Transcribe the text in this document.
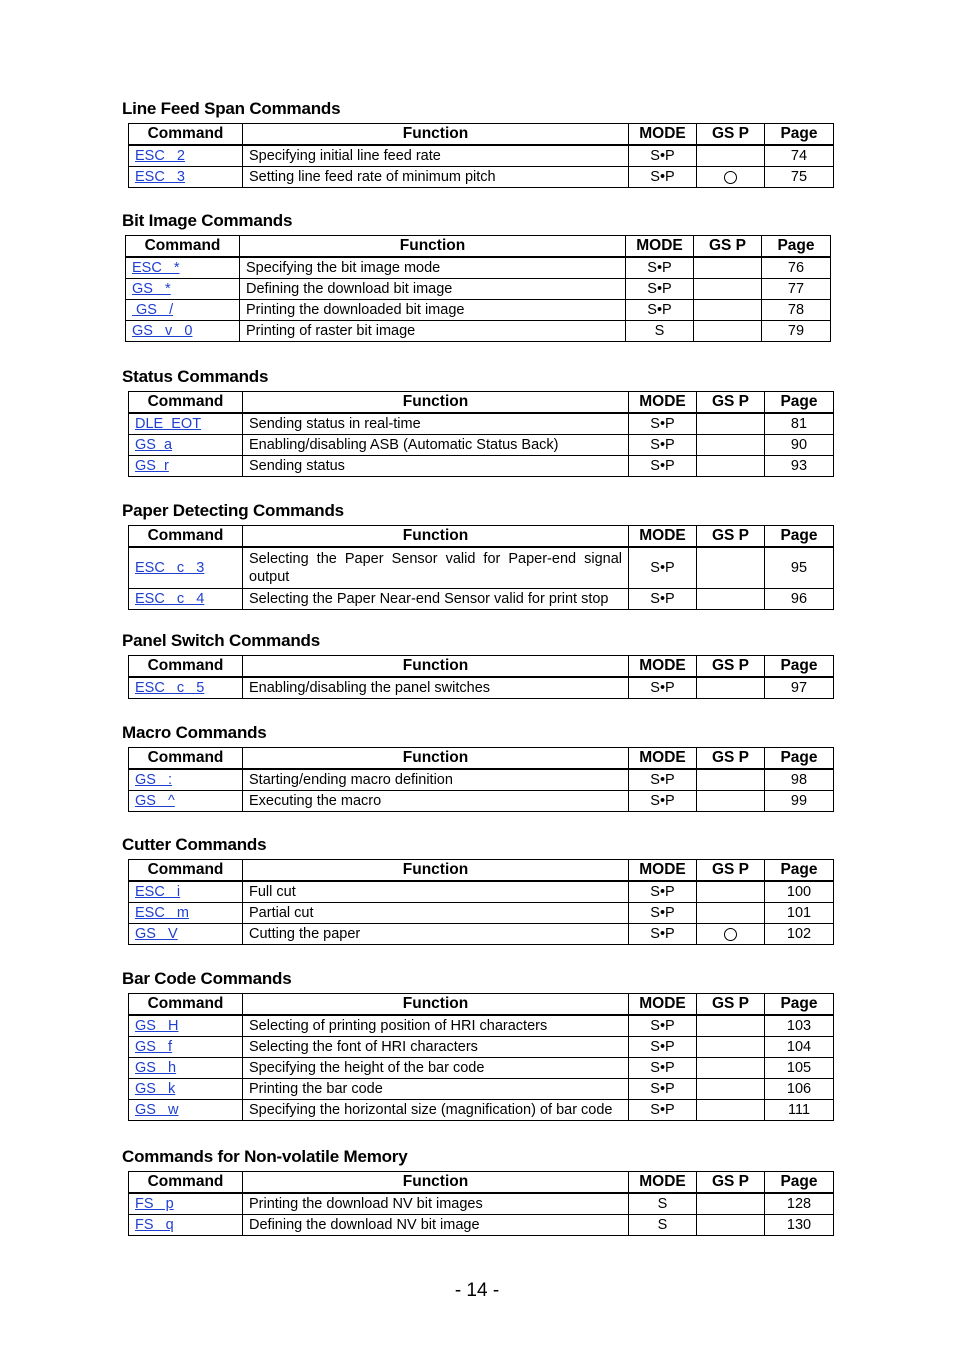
Line Feed Span Commands
Command	Function	MODE	GS P	Page
ESC   2	Specifying initial line feed rate	S•P		74
ESC   3	Setting line feed rate of minimum pitch	S•P		75
Bit Image Commands
Command	Function	MODE	GS P	Page
ESC   *	Specifying the bit image mode	S•P		76
GS   *	Defining the download bit image	S•P		77
GS   /	Printing the downloaded bit image	S•P		78
GS   v   0	Printing of raster bit image	S		79
Status Commands
Command	Function	MODE	GS P	Page
DLE  EOT	Sending status in real-time	S•P		81
GS  a	Enabling/disabling ASB (Automatic Status Back)	S•P		90
GS  r	Sending status	S•P		93
Paper Detecting Commands
Command	Function	MODE	GS P	Page
ESC   c   3	Selecting the Paper Sensor valid for Paper-end signal output	S•P		95
ESC   c   4	Selecting the Paper Near-end Sensor valid for print stop	S•P		96
Panel Switch Commands
Command	Function	MODE	GS P	Page
ESC   c   5	Enabling/disabling the panel switches	S•P		97
Macro Commands
Command	Function	MODE	GS P	Page
GS   :	Starting/ending macro definition	S•P		98
GS   ^	Executing the macro	S•P		99
Cutter Commands
Command	Function	MODE	GS P	Page
ESC   i	Full cut	S•P		100
ESC   m	Partial cut	S•P		101
GS   V	Cutting the paper	S•P		102
Bar Code Commands
Command	Function	MODE	GS P	Page
GS   H	Selecting of printing position of HRI characters	S•P		103
GS   f	Selecting the font of HRI characters	S•P		104
GS   h	Specifying the height of the bar code	S•P		105
GS   k	Printing the bar code	S•P		106
GS   w	Specifying the horizontal size (magnification) of bar code	S•P		111
Commands for Non-volatile Memory
Command	Function	MODE	GS P	Page
FS   p	Printing the download NV bit images	S		128
FS   q	Defining the download NV bit image	S		130
- 14 -
